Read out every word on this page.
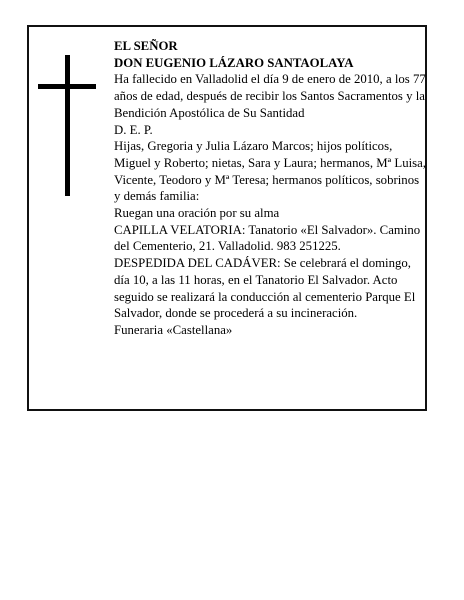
EL SEÑOR

DON EUGENIO LÁZARO SANTAOLAYA

Ha fallecido en Valladolid el día 9 de enero de 2010, a los 77 años de edad, después de recibir los Santos Sacramentos y la Bendición Apostólica de Su Santidad

D. E. P.

Hijas, Gregoria y Julia Lázaro Marcos; hijos políticos, Miguel y Roberto; nietas, Sara y Laura; hermanos, Mª Luisa, Vicente, Teodoro y Mª Teresa; hermanos políticos, sobrinos y demás familia:

Ruegan una oración por su alma

CAPILLA VELATORIA: Tanatorio «El Salvador». Camino del Cementerio, 21. Valladolid. 983 251225.

DESPEDIDA DEL CADÁVER: Se celebrará el domingo, día 10, a las 11 horas, en el Tanatorio El Salvador. Acto seguido se realizará la conducción al cementerio Parque El Salvador, donde se procederá a su incineración.

Funeraria «Castellana»
